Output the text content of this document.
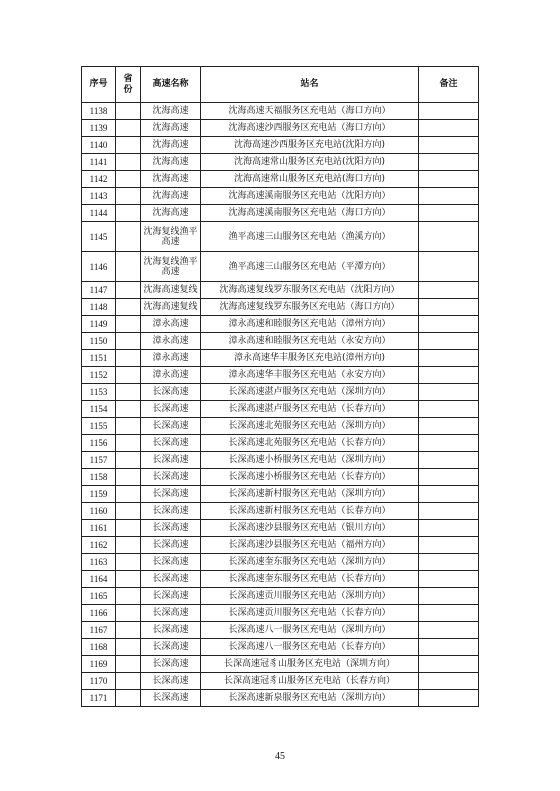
序号	省份	高速名称	站名	备注
1138		沈海高速	沈海高速天福服务区充电站（海口方向）	
1139		沈海高速	沈海高速沙西服务区充电站（海口方向）	
1140		沈海高速	沈海高速沙西服务区充电站(沈阳方向)	
1141		沈海高速	沈海高速常山服务区充电站(沈阳方向)	
1142		沈海高速	沈海高速常山服务区充电站(海口方向)	
1143		沈海高速	沈海高速溪南服务区充电站（沈阳方向）	
1144		沈海高速	沈海高速溪南服务区充电站（海口方向）	
1145		沈海复线渔平高速	渔平高速三山服务区充电站（渔溪方向）	
1146		沈海复线渔平高速	渔平高速三山服务区充电站（平潭方向）	
1147		沈海高速复线	沈海高速复线罗东服务区充电站（沈阳方向）	
1148		沈海高速复线	沈海高速复线罗东服务区充电站（海口方向）	
1149		漳永高速	漳永高速和睦服务区充电站（漳州方向）	
1150		漳永高速	漳永高速和睦服务区充电站（永安方向）	
1151		漳永高速	漳永高速华丰服务区充电站(漳州方向)	
1152		漳永高速	漳永高速华丰服务区充电站（永安方向）	
1153		长深高速	长深高速湛卢服务区充电站（深圳方向）	
1154		长深高速	长深高速湛卢服务区充电站（长春方向）	
1155		长深高速	长深高速北苑服务区充电站（深圳方向）	
1156		长深高速	长深高速北苑服务区充电站（长春方向）	
1157		长深高速	长深高速小桥服务区充电站（深圳方向）	
1158		长深高速	长深高速小桥服务区充电站（长春方向）	
1159		长深高速	长深高速新村服务区充电站（深圳方向）	
1160		长深高速	长深高速新村服务区充电站（长春方向）	
1161		长深高速	长深高速沙县服务区充电站（银川方向）	
1162		长深高速	长深高速沙县服务区充电站（福州方向）	
1163		长深高速	长深高速奎东服务区充电站（深圳方向）	
1164		长深高速	长深高速奎东服务区充电站（长春方向）	
1165		长深高速	长深高速贡川服务区充电站（深圳方向）	
1166		长深高速	长深高速贡川服务区充电站（长春方向）	
1167		长深高速	长深高速八一服务区充电站（深圳方向）	
1168		长深高速	长深高速八一服务区充电站（长春方向）	
1169		长深高速	长深高速冠豸山服务区充电站（深圳方向）	
1170		长深高速	长深高速冠豸山服务区充电站（长春方向）	
1171		长深高速	长深高速新泉服务区充电站（深圳方向）	
45
